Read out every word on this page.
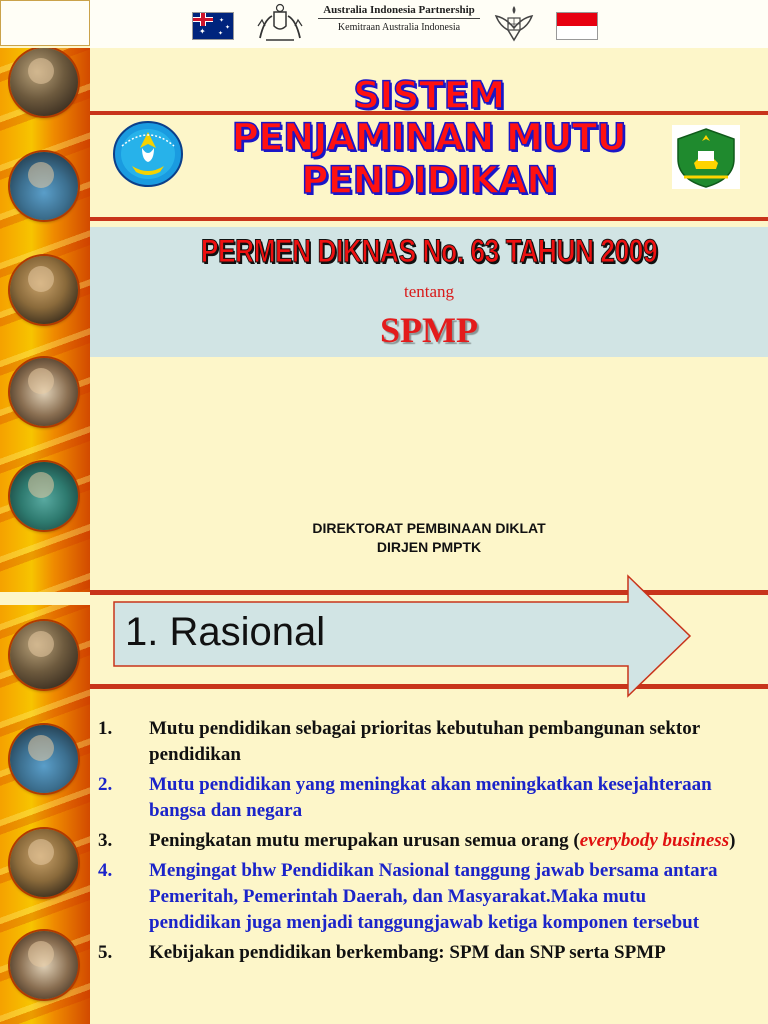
✦
✦
✦
✦
Australia Indonesia Partnership
Kemitraan Australia Indonesia
SISTEM
PENJAMINAN MUTU
PENDIDIKAN
PERMEN DIKNAS No. 63 TAHUN 2009
tentang
SPMP
DIREKTORAT PEMBINAAN DIKLAT
DIRJEN PMPTK
1. Rasional
1. Mutu pendidikan sebagai prioritas kebutuhan pembangunan sektor pendidikan
2. Mutu pendidikan yang meningkat akan meningkatkan kesejahteraan bangsa dan negara
3. Peningkatan mutu merupakan urusan semua orang (everybody business)
4. Mengingat bhw Pendidikan Nasional tanggung jawab bersama antara Pemeritah, Pemerintah Daerah, dan Masyarakat.Maka mutu pendidikan juga menjadi tanggungjawab ketiga komponen tersebut
5. Kebijakan pendidikan berkembang: SPM dan SNP serta SPMP
